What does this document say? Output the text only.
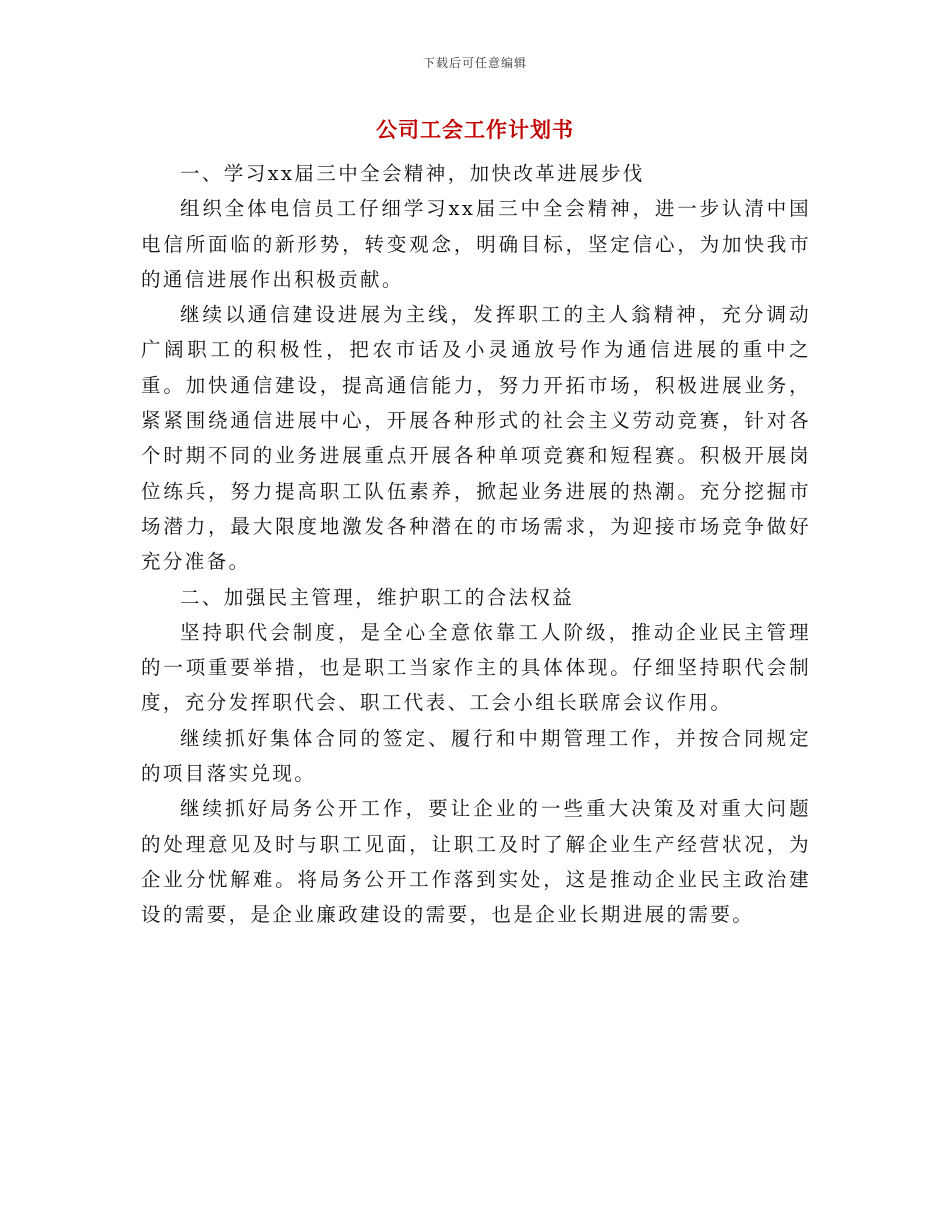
下载后可任意编辑
公司工会工作计划书

一、学习xx届三中全会精神，加快改革进展步伐

组织全体电信员工仔细学习xx届三中全会精神，进一步认清中国电信所面临的新形势，转变观念，明确目标，坚定信心，为加快我市的通信进展作出积极贡献。

继续以通信建设进展为主线，发挥职工的主人翁精神，充分调动广阔职工的积极性，把农市话及小灵通放号作为通信进展的重中之重。加快通信建设，提高通信能力，努力开拓市场，积极进展业务，紧紧围绕通信进展中心，开展各种形式的社会主义劳动竞赛，针对各个时期不同的业务进展重点开展各种单项竞赛和短程赛。积极开展岗位练兵，努力提高职工队伍素养，掀起业务进展的热潮。充分挖掘市场潜力，最大限度地激发各种潜在的市场需求，为迎接市场竞争做好充分准备。

二、加强民主管理，维护职工的合法权益

坚持职代会制度，是全心全意依靠工人阶级，推动企业民主管理的一项重要举措，也是职工当家作主的具体体现。仔细坚持职代会制度，充分发挥职代会、职工代表、工会小组长联席会议作用。

继续抓好集体合同的签定、履行和中期管理工作，并按合同规定的项目落实兑现。

继续抓好局务公开工作，要让企业的一些重大决策及对重大问题的处理意见及时与职工见面，让职工及时了解企业生产经营状况，为企业分忧解难。将局务公开工作落到实处，这是推动企业民主政治建设的需要，是企业廉政建设的需要，也是企业长期进展的需要。
